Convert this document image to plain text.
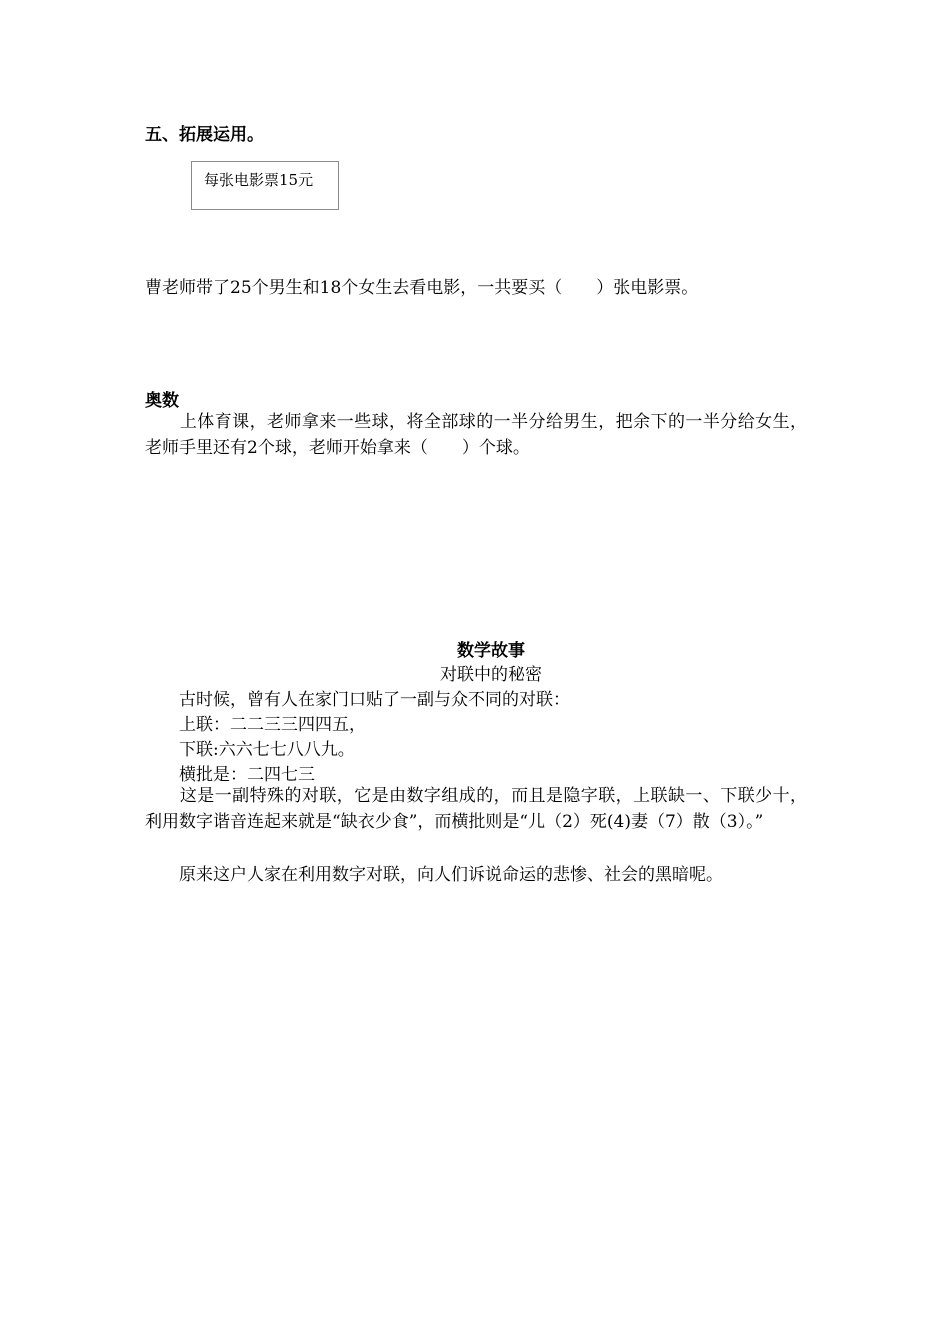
五、拓展运用。
每张电影票15元
曹老师带了25个男生和18个女生去看电影，一共要买（　　）张电影票。
奥数
　　上体育课，老师拿来一些球，将全部球的一半分给男生，把余下的一半分给女生，老师手里还有2个球，老师开始拿来（　　）个球。
数学故事
对联中的秘密
古时候，曾有人在家门口贴了一副与众不同的对联：
上联：二二三三四四五，
下联:六六七七八八九。
横批是：二四七三
　　这是一副特殊的对联，它是由数字组成的，而且是隐字联，上联缺一、下联少十，利用数字谐音连起来就是“缺衣少食”，而横批则是“儿（2）死(4)妻（7）散（3）。”
原来这户人家在利用数字对联，向人们诉说命运的悲惨、社会的黑暗呢。
